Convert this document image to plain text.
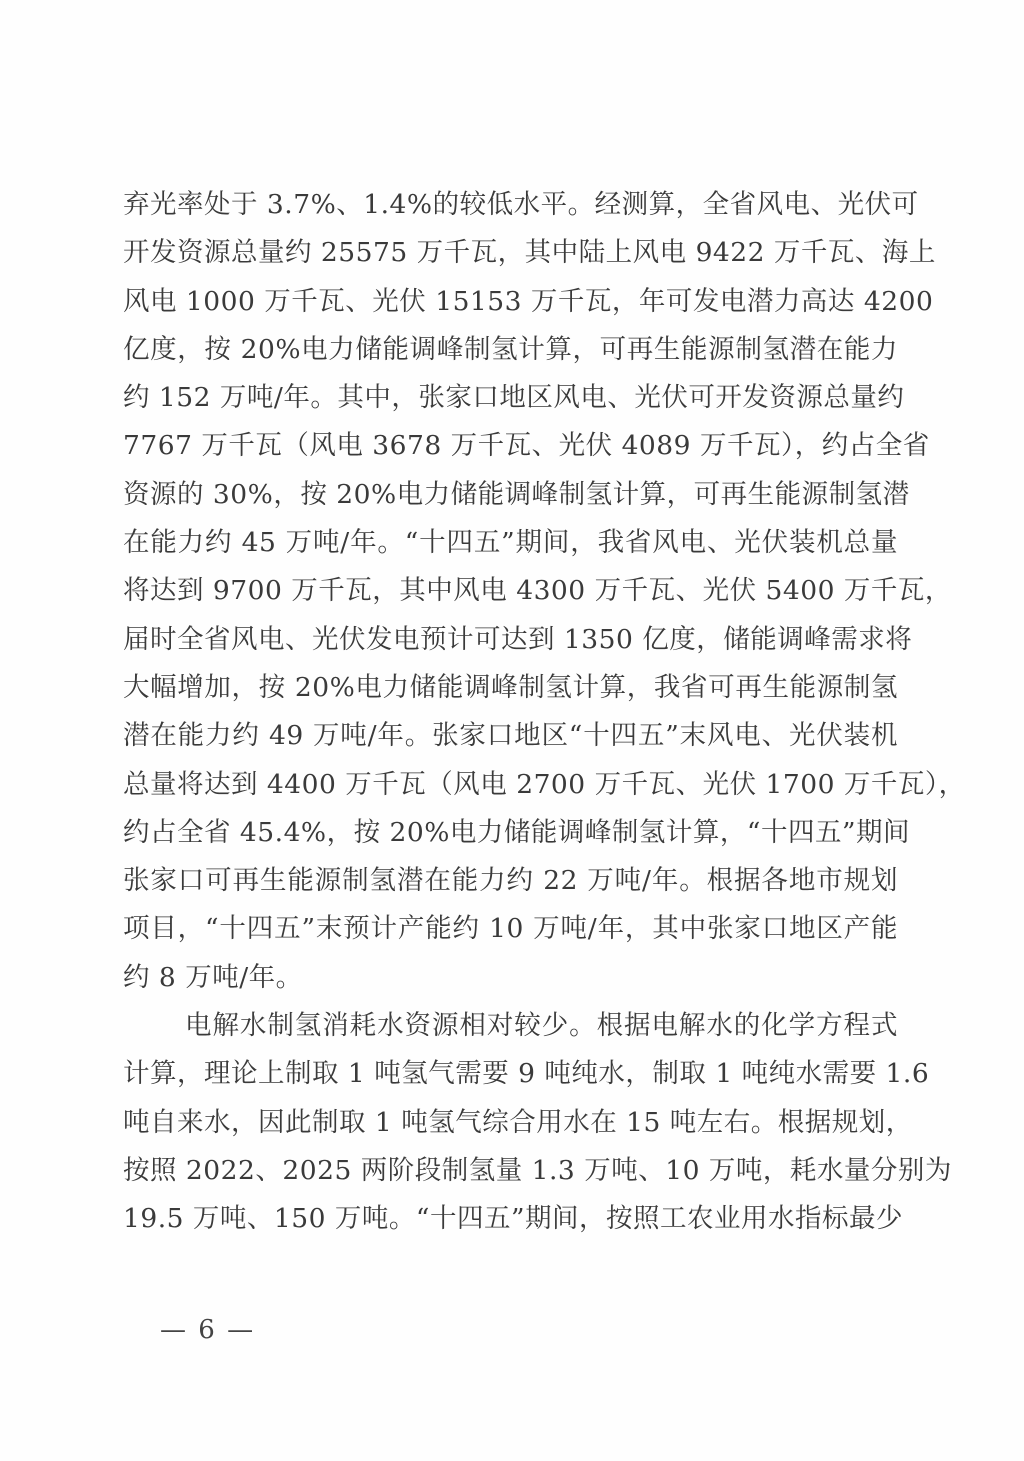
弃光率处于 3.7%、1.4%的较低水平。经测算，全省风电、光伏可
开发资源总量约 25575 万千瓦，其中陆上风电 9422 万千瓦、海上
风电 1000 万千瓦、光伏 15153 万千瓦，年可发电潜力高达 4200
亿度，按 20%电力储能调峰制氢计算，可再生能源制氢潜在能力
约 152 万吨/年。其中，张家口地区风电、光伏可开发资源总量约
7767 万千瓦（风电 3678 万千瓦、光伏 4089 万千瓦），约占全省
资源的 30%，按 20%电力储能调峰制氢计算，可再生能源制氢潜
在能力约 45 万吨/年。“十四五”期间，我省风电、光伏装机总量
将达到 9700 万千瓦，其中风电 4300 万千瓦、光伏 5400 万千瓦，
届时全省风电、光伏发电预计可达到 1350 亿度，储能调峰需求将
大幅增加，按 20%电力储能调峰制氢计算，我省可再生能源制氢
潜在能力约 49 万吨/年。张家口地区“十四五”末风电、光伏装机
总量将达到 4400 万千瓦（风电 2700 万千瓦、光伏 1700 万千瓦），
约占全省 45.4%，按 20%电力储能调峰制氢计算，“十四五”期间
张家口可再生能源制氢潜在能力约 22 万吨/年。根据各地市规划
项目，“十四五”末预计产能约 10 万吨/年，其中张家口地区产能
约 8 万吨/年。
电解水制氢消耗水资源相对较少。根据电解水的化学方程式
计算，理论上制取 1 吨氢气需要 9 吨纯水，制取 1 吨纯水需要 1.6
吨自来水，因此制取 1 吨氢气综合用水在 15 吨左右。根据规划，
按照 2022、2025 两阶段制氢量 1.3 万吨、10 万吨，耗水量分别为
19.5 万吨、150 万吨。“十四五”期间，按照工农业用水指标最少
— 6 —
